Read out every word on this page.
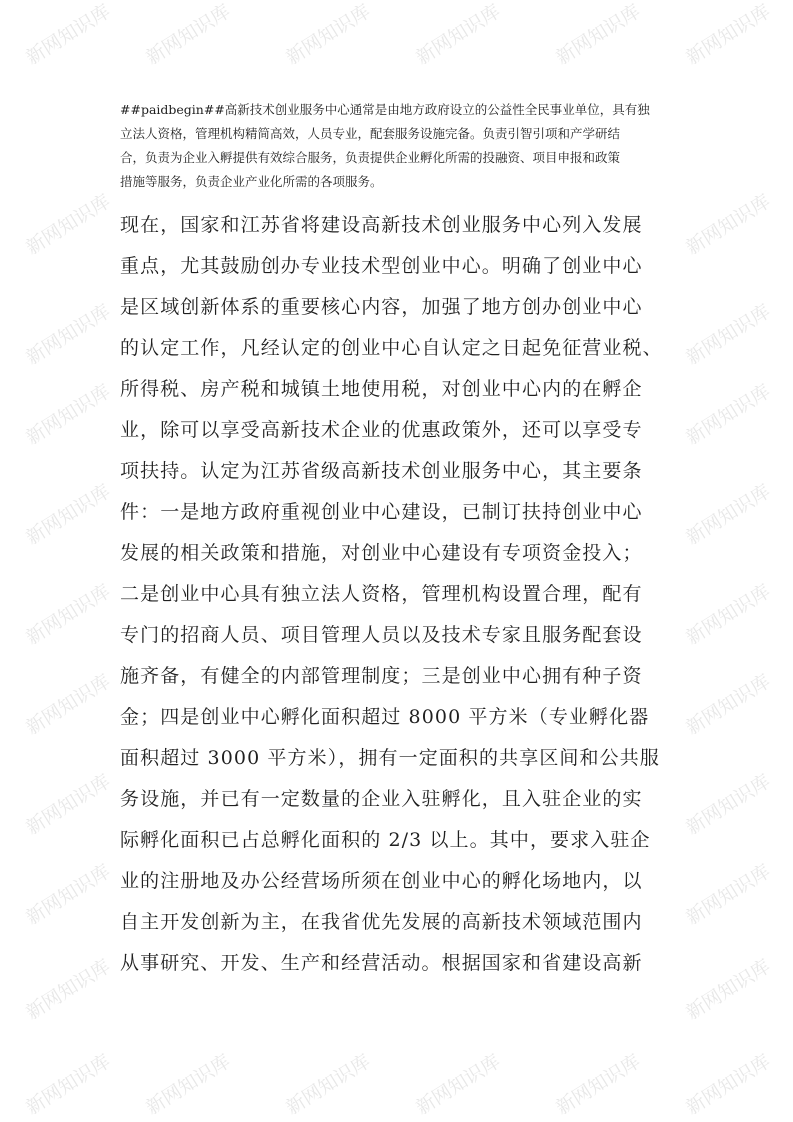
新网知识库 新网知识库	新网知识库 新网知识库	新网知识库 新网知识库
新网知识库	新网知识库
新网知识库	新网知识库
新网知识库	新网知识库
新网知识库	新网知识库
新网知识库	新网知识库
新网知识库	新网知识库
新网知识库	新网知识库
新网知识库	新网知识库
新网知识库	新网知识库
新网知识库 新网知识库	新网知识库 新网知识库	新网知识库 新网知识库
##paidbegin##高新技术创业服务中心通常是由地方政府设立的公益性全民事业单位，具有独
立法人资格，管理机构精简高效，人员专业，配套服务设施完备。负责引智引项和产学研结
合，负责为企业入孵提供有效综合服务，负责提供企业孵化所需的投融资、项目申报和政策
措施等服务，负责企业产业化所需的各项服务。
现在，国家和江苏省将建设高新技术创业服务中心列入发展
重点，尤其鼓励创办专业技术型创业中心。明确了创业中心
是区域创新体系的重要核心内容，加强了地方创办创业中心
的认定工作，凡经认定的创业中心自认定之日起免征营业税、
所得税、房产税和城镇土地使用税，对创业中心内的在孵企
业，除可以享受高新技术企业的优惠政策外，还可以享受专
项扶持。认定为江苏省级高新技术创业服务中心，其主要条
件：一是地方政府重视创业中心建设，已制订扶持创业中心
发展的相关政策和措施，对创业中心建设有专项资金投入；
二是创业中心具有独立法人资格，管理机构设置合理，配有
专门的招商人员、项目管理人员以及技术专家且服务配套设
施齐备，有健全的内部管理制度；三是创业中心拥有种子资
金；四是创业中心孵化面积超过 8000 平方米（专业孵化器
面积超过 3000 平方米），拥有一定面积的共享区间和公共服
务设施，并已有一定数量的企业入驻孵化，且入驻企业的实
际孵化面积已占总孵化面积的 2/3 以上。其中，要求入驻企
业的注册地及办公经营场所须在创业中心的孵化场地内，以
自主开发创新为主，在我省优先发展的高新技术领域范围内
从事研究、开发、生产和经营活动。根据国家和省建设高新
